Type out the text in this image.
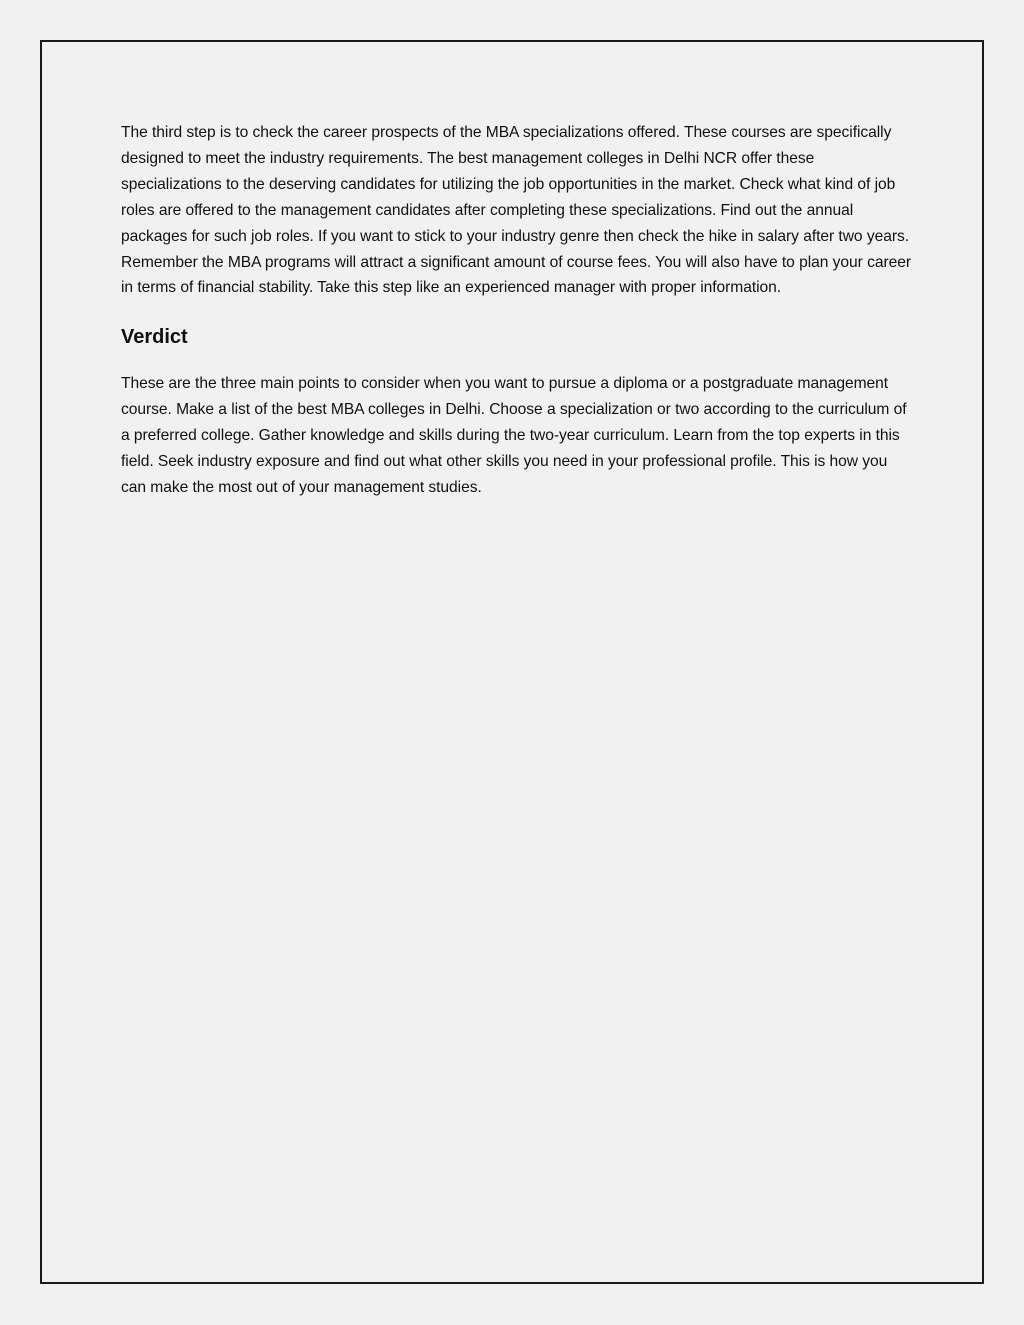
The third step is to check the career prospects of the MBA specializations offered. These courses are specifically designed to meet the industry requirements. The best management colleges in Delhi NCR offer these specializations to the deserving candidates for utilizing the job opportunities in the market. Check what kind of job roles are offered to the management candidates after completing these specializations. Find out the annual packages for such job roles. If you want to stick to your industry genre then check the hike in salary after two years. Remember the MBA programs will attract a significant amount of course fees. You will also have to plan your career in terms of financial stability. Take this step like an experienced manager with proper information.

Verdict

These are the three main points to consider when you want to pursue a diploma or a postgraduate management course. Make a list of the best MBA colleges in Delhi. Choose a specialization or two according to the curriculum of a preferred college. Gather knowledge and skills during the two-year curriculum. Learn from the top experts in this field. Seek industry exposure and find out what other skills you need in your professional profile. This is how you can make the most out of your management studies.
